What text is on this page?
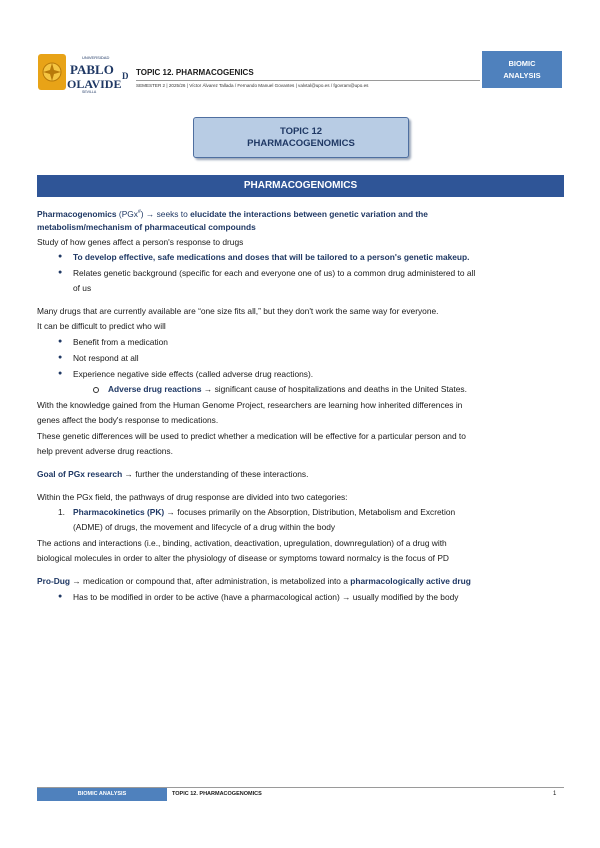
UNIVERSIDAD
PABLO
OLAVIDE
D
SEVILLA
TOPIC 12. PHARMACOGENICS
SEMESTER 2 | 2025/26 | Víctor Álvarez Tallada / Fernando Manuel Govantes | valvtal@upo.es / fgovram@upo.es
BIOMIC
ANALYSIS
TOPIC 12
PHARMACOGENOMICS
PHARMACOGENOMICS
Pharmacogenomics (PGx#) → seeks to elucidate the interactions between genetic variation and the
metabolism/mechanism of pharmaceutical compounds
Study of how genes affect a person's response to drugs
● To develop effective, safe medications and doses that will be tailored to a person's genetic makeup.
● Relates genetic background (specific for each and everyone one of us) to a common drug administered to all
of us
Many drugs that are currently available are “one size fits all,” but they don't work the same way for everyone.
It can be difficult to predict who will
● Benefit from a medication
● Not respond at all
● Experience negative side effects (called adverse drug reactions).
Adverse drug reactions → significant cause of hospitalizations and deaths in the United States.
With the knowledge gained from the Human Genome Project, researchers are learning how inherited differences in
genes affect the body's response to medications.
These genetic differences will be used to predict whether a medication will be effective for a particular person and to
help prevent adverse drug reactions.
Goal of PGx research → further the understanding of these interactions.
Within the PGx field, the pathways of drug response are divided into two categories:
1. Pharmacokinetics (PK) → focuses primarily on the Absorption, Distribution, Metabolism and Excretion
(ADME) of drugs, the movement and lifecycle of a drug within the body
The actions and interactions (i.e., binding, activation, deactivation, upregulation, downregulation) of a drug with
biological molecules in order to alter the physiology of disease or symptoms toward normalcy is the focus of PD
Pro-Dug → medication or compound that, after administration, is metabolized into a pharmacologically active drug
● Has to be modified in order to be active (have a pharmacological action) → usually modified by the body
BIOMIC ANALYSIS	TOPIC 12. PHARMACOGENOMICS	1
